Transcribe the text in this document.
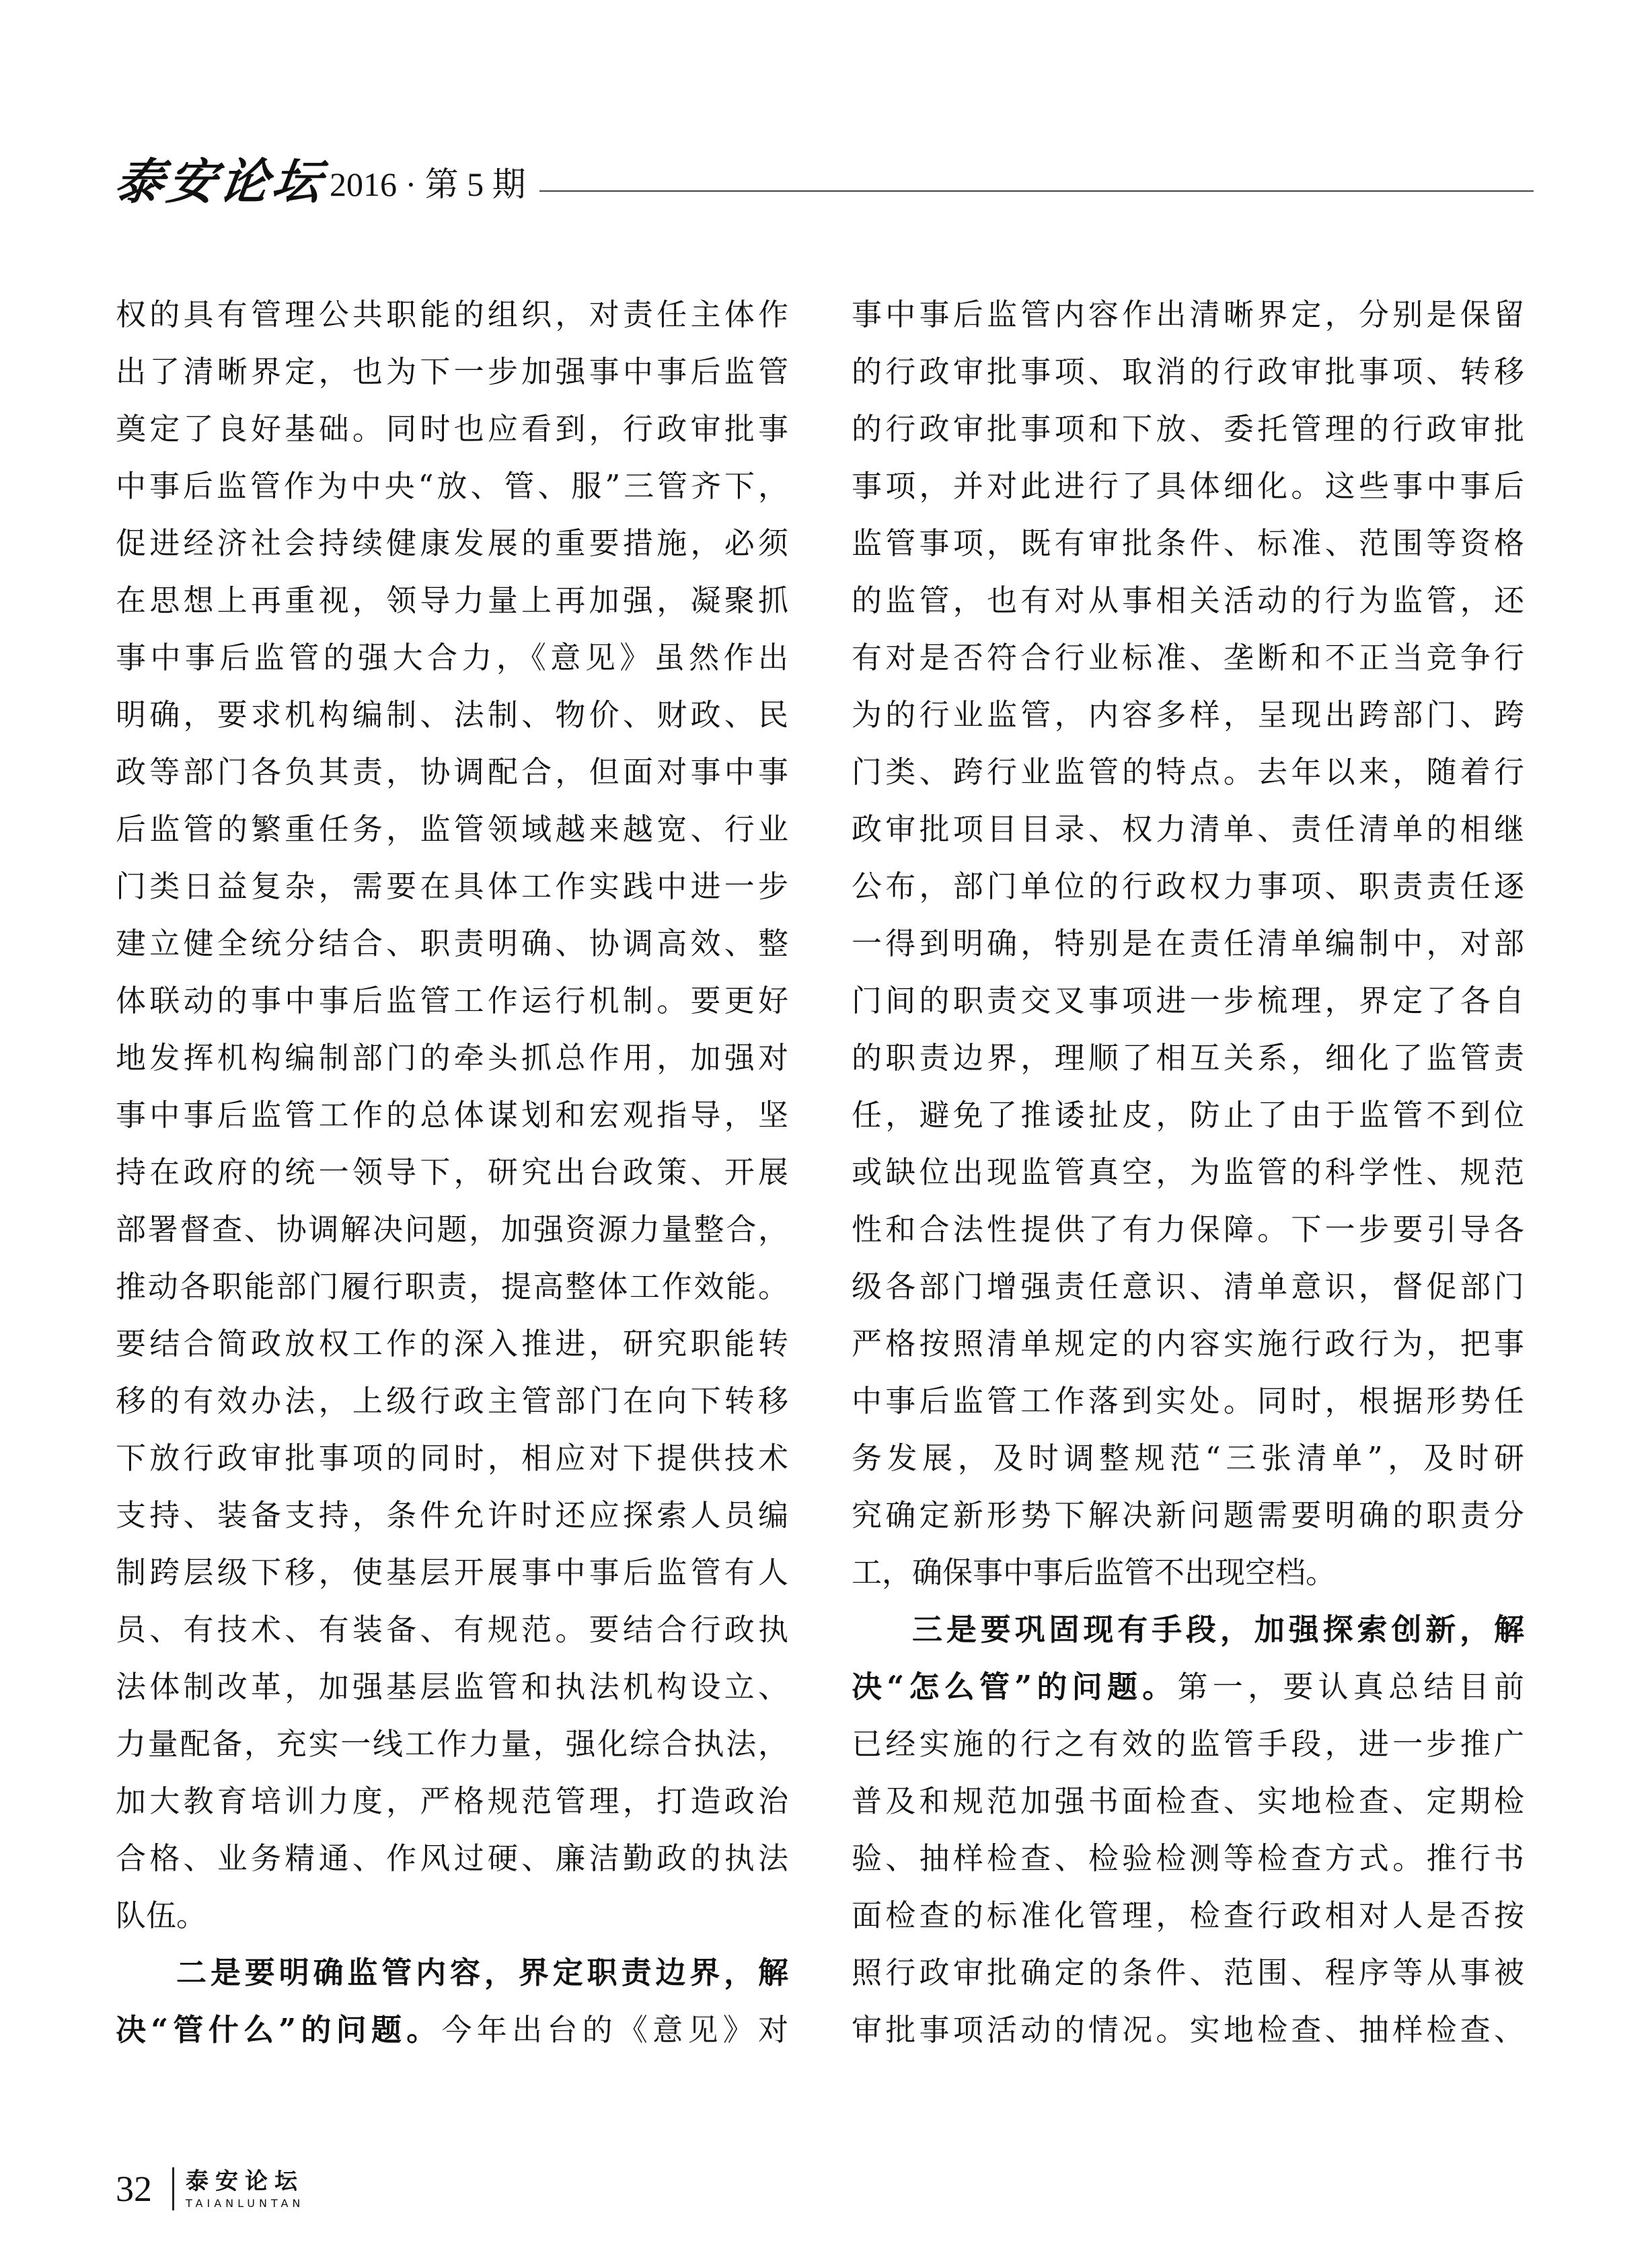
泰安论坛 2016 · 第 5 期
权的具有管理公共职能的组织，对责任主体作
出了清晰界定，也为下一步加强事中事后监管
奠定了良好基础。同时也应看到，行政审批事
中事后监管作为中央“放、管、服”三管齐下，
促进经济社会持续健康发展的重要措施，必须
在思想上再重视，领导力量上再加强，凝聚抓
事中事后监管的强大合力，《意见》虽然作出
明确，要求机构编制、法制、物价、财政、民
政等部门各负其责，协调配合，但面对事中事
后监管的繁重任务，监管领域越来越宽、行业
门类日益复杂，需要在具体工作实践中进一步
建立健全统分结合、职责明确、协调高效、整
体联动的事中事后监管工作运行机制。要更好
地发挥机构编制部门的牵头抓总作用，加强对
事中事后监管工作的总体谋划和宏观指导，坚
持在政府的统一领导下，研究出台政策、开展
部署督查、协调解决问题，加强资源力量整合，
推动各职能部门履行职责，提高整体工作效能。
要结合简政放权工作的深入推进，研究职能转
移的有效办法，上级行政主管部门在向下转移
下放行政审批事项的同时，相应对下提供技术
支持、装备支持，条件允许时还应探索人员编
制跨层级下移，使基层开展事中事后监管有人
员、有技术、有装备、有规范。要结合行政执
法体制改革，加强基层监管和执法机构设立、
力量配备，充实一线工作力量，强化综合执法，
加大教育培训力度，严格规范管理，打造政治
合格、业务精通、作风过硬、廉洁勤政的执法
队伍。
二是要明确监管内容，界定职责边界，解
决“管什么”的问题。今年出台的《意见》对
事中事后监管内容作出清晰界定，分别是保留
的行政审批事项、取消的行政审批事项、转移
的行政审批事项和下放、委托管理的行政审批
事项，并对此进行了具体细化。这些事中事后
监管事项，既有审批条件、标准、范围等资格
的监管，也有对从事相关活动的行为监管，还
有对是否符合行业标准、垄断和不正当竞争行
为的行业监管，内容多样，呈现出跨部门、跨
门类、跨行业监管的特点。去年以来，随着行
政审批项目目录、权力清单、责任清单的相继
公布，部门单位的行政权力事项、职责责任逐
一得到明确，特别是在责任清单编制中，对部
门间的职责交叉事项进一步梳理，界定了各自
的职责边界，理顺了相互关系，细化了监管责
任，避免了推诿扯皮，防止了由于监管不到位
或缺位出现监管真空，为监管的科学性、规范
性和合法性提供了有力保障。下一步要引导各
级各部门增强责任意识、清单意识，督促部门
严格按照清单规定的内容实施行政行为，把事
中事后监管工作落到实处。同时，根据形势任
务发展，及时调整规范“三张清单”，及时研
究确定新形势下解决新问题需要明确的职责分
工，确保事中事后监管不出现空档。
三是要巩固现有手段，加强探索创新，解
决“怎么管”的问题。第一，要认真总结目前
已经实施的行之有效的监管手段，进一步推广
普及和规范加强书面检查、实地检查、定期检
验、抽样检查、检验检测等检查方式。推行书
面检查的标准化管理，检查行政相对人是否按
照行政审批确定的条件、范围、程序等从事被
审批事项活动的情况。实地检查、抽样检查、
32 泰安论坛
TAIANLUNTAN
